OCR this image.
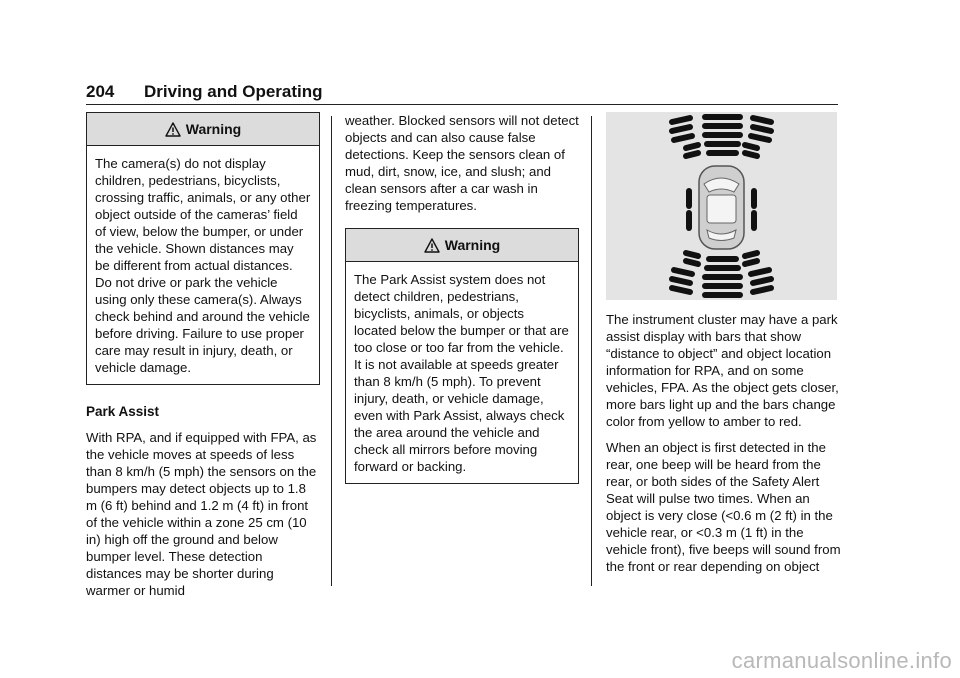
204 Driving and Operating
Warning
The camera(s) do not display children, pedestrians, bicyclists, crossing traffic, animals, or any other object outside of the cameras’ field of view, below the bumper, or under the vehicle. Shown distances may be different from actual distances. Do not drive or park the vehicle using only these camera(s). Always check behind and around the vehicle before driving. Failure to use proper care may result in injury, death, or vehicle damage.

Park Assist

With RPA, and if equipped with FPA, as the vehicle moves at speeds of less than 8 km/h (5 mph) the sensors on the bumpers may detect objects up to 1.8 m (6 ft) behind and 1.2 m (4 ft) in front of the vehicle within a zone 25 cm (10 in) high off the ground and below bumper level. These detection distances may be shorter during warmer or humid

weather. Blocked sensors will not detect objects and can also cause false detections. Keep the sensors clean of mud, dirt, snow, ice, and slush; and clean sensors after a car wash in freezing temperatures.

Warning
The Park Assist system does not detect children, pedestrians, bicyclists, animals, or objects located below the bumper or that are too close or too far from the vehicle. It is not available at speeds greater than 8 km/h (5 mph). To prevent injury, death, or vehicle damage, even with Park Assist, always check the area around the vehicle and check all mirrors before moving forward or backing.

The instrument cluster may have a park assist display with bars that show “distance to object” and object location information for RPA, and on some vehicles, FPA. As the object gets closer, more bars light up and the bars change color from yellow to amber to red.

When an object is first detected in the rear, one beep will be heard from the rear, or both sides of the Safety Alert Seat will pulse two times. When an object is very close (<0.6 m (2 ft) in the vehicle rear, or <0.3 m (1 ft) in the vehicle front), five beeps will sound from the front or rear depending on object

carmanualsonline.info
